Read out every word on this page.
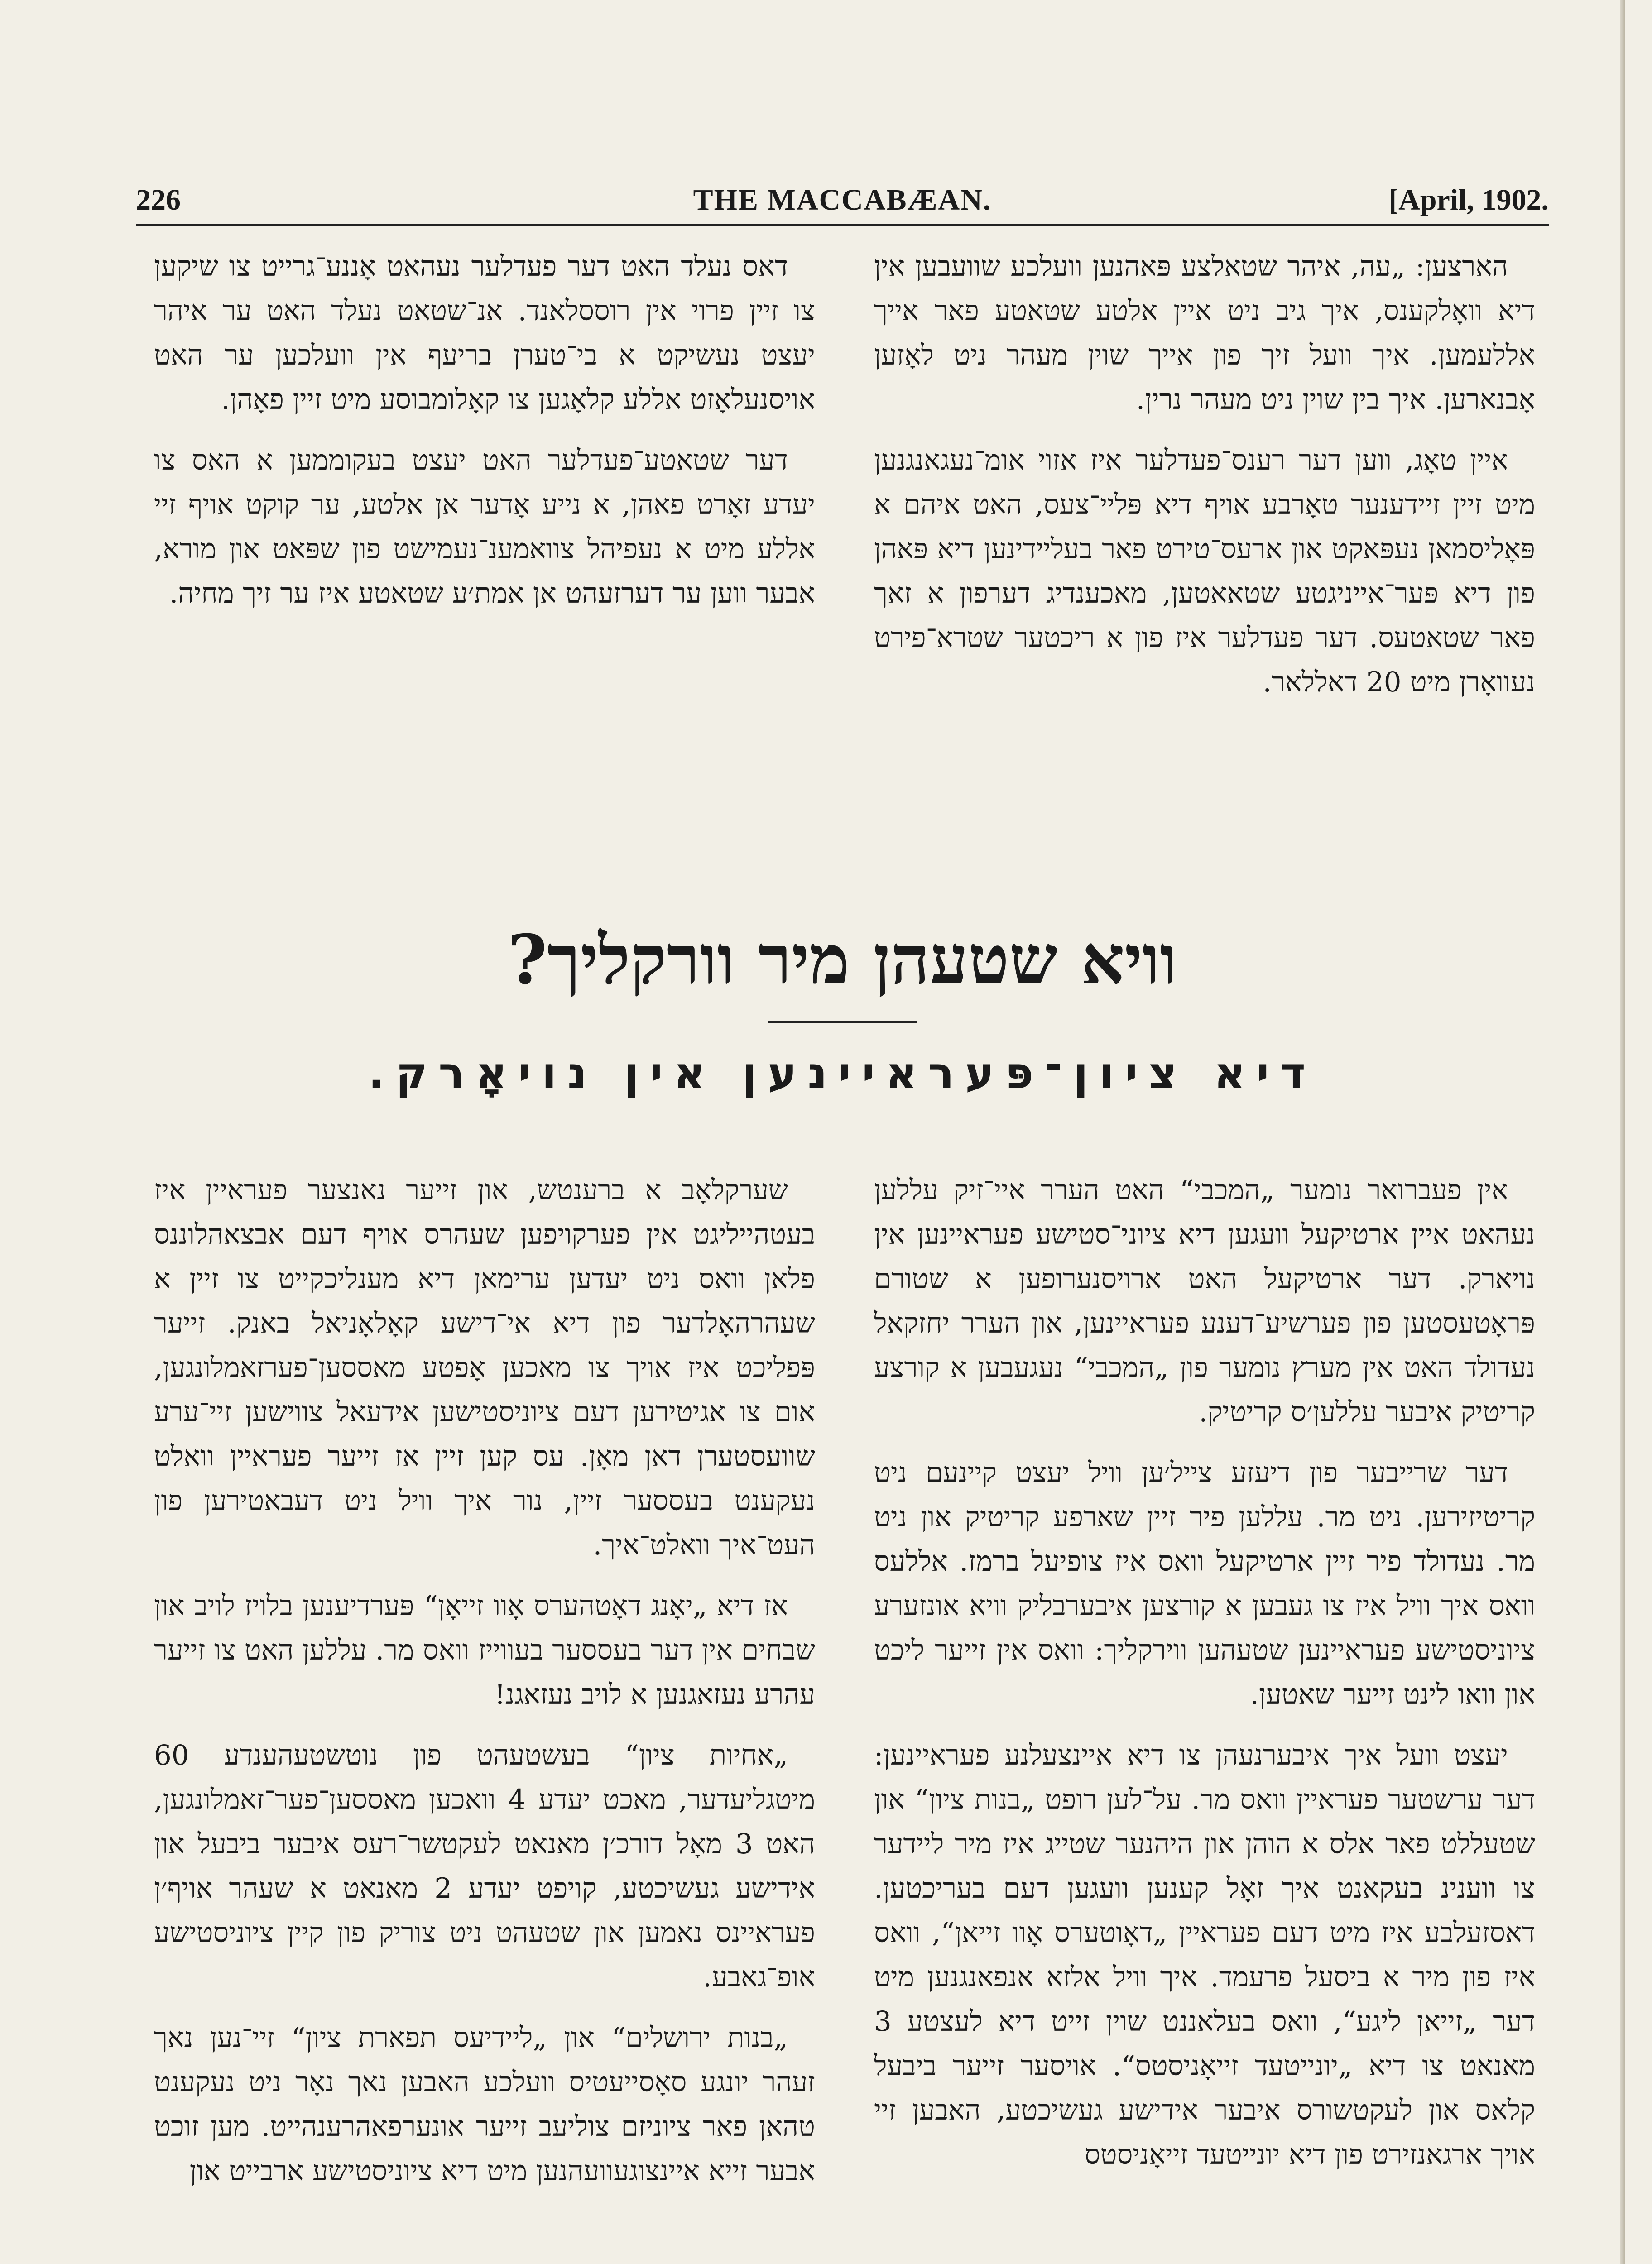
226	THE MACCABÆAN.	[April, 1902.

הארצען: „עה, איהר שטאלצע פּאהנען וועלכע שוועבען אין דיא וואָלקענס, איך גיב ניט איין אלטע שטאטע פאר אייך אללעמען. איך וועל זיך פון אייך שוין מעהר ניט לאָזען אָבנארען. איך בין שוין ניט מעהר נרין.

איין טאָג, ווען דער רענס־פעדלער איז אזוי אומ־נעגאנגנען מיט זיין זיידענער טאָרבע אויף דיא פּליי־צעס, האט איהם א פּאָליסמאן נעפּאקט און ארעס־טירט פאר בעליידינען דיא פּאהן פון דיא פּער־אייניגטע שטאאטען, מאכענדיג דערפון א זאך פאר שטאטעס. דער פעדלער איז פון א ריכטער שטרא־פירט נעוואָרן מיט 20 דאללאר.

דאס נעלד האט דער פעדלער נעהאט אָננע־גרייט צו שיקען צו זיין פרוי אין רוססלאנד. אנ־שטאט נעלד האט ער איהר יעצט נעשיקט א בי־טערן בריעף אין וועלכען ער האט אויסנעלאָזט אללע קלאָגען צו קאָלומבוסע מיט זיין פאָהן.

דער שטאטע־פעדלער האט יעצט בעקוממען א האס צו יעדע זאָרט פאהן, א נייע אָדער אן אלטע, ער קוקט אויף זיי אללע מיט א נעפיהל צוואמענ־נעמישט פון שפּאט און מורא, אבער ווען ער דערזעהט אן אמת׳ע שטאטע איז ער זיך מחיה.

וויא שטעהן מיר וורקליך?
דיא ציון־פּעראיינען אין נויאָרק.

אין פעברואר נומער „המכבי“ האט הערר איי־זיק עללען נעהאט איין ארטיקעל וועגען דיא ציוני־סטישע פעראיינען אין נויארק. דער ארטיקעל האט ארויסנערופען א שטורם פּראָטעסטען פון פערשיע־דענע פעראיינען, און הערר יחזקאל נעדולד האט אין מערץ נומער פון „המכבי“ נעגעבען א קורצע קריטיק איבער עללען׳ס קריטיק.

דער שרייבער פון דיעזע צייל׳ען וויל יעצט קיינעם ניט קריטיזירען. ניט מר. עללען פיר זיין שארפע קריטיק און ניט מר. נעדולד פיר זיין ארטיקעל וואס איז צופיעל ברמז. אללעס וואס איך וויל איז צו געבען א קורצען איבערבליק וויא אונזערע ציוניסטישע פעראיינען שטעהען ווירקליך: וואס אין זייער ליכט און וואו לינט זייער שאטען.

יעצט וועל איך איבערנעהן צו דיא איינצעלנע פעראיינען: דער ערשטער פעראיין וואס מר. על־לען רופט „בנות ציון“ און שטעללט פאר אלס א הוהן און היהנער שטייג איז מיר ליידער צו ווענינ בעקאנט איך זאָל קענען וועגען דעם בעריכטען. דאסזעלבע איז מיט דעם פעראיין „דאָוטערס אָוו זייאן“, וואס איז פון מיר א ביסעל פרעמד. איך וויל אלזא אנפאנגנען מיט דער „זייאן ליגע“, וואס בעלאננט שוין זייט דיא לעצטע 3 מאנאט צו דיא „יונייטעד זייאָניסטס“. אויסער זייער ביבעל קלאס און לעקטשורס איבער אידישע געשיכטע, האבען זיי אויך ארגאנזירט פון דיא יונייטעד זייאָניסטס

שערקלאָב א ברענטש, און זייער נאנצער פעראיין איז בעטהייליגט אין פערקויפען שעהרס אויף דעם אבצאהלוננס פלאן וואס ניט יעדען ערימאן דיא מענליכקייט צו זיין א שעהרהאָלדער פון דיא אי־דישע קאָלאָניאל באנק. זייער פּפליכט איז אויך צו מאכען אָפטע מאססען־פערזאמלונגען, אום צו אגיטירען דעם ציוניסטישען אידעאל צווישען זיי־ערע שוועסטערן דאן מאָן. עס קען זיין אז זייער פעראיין וואלט נעקענט בעססער זיין, נור איך וויל ניט דעבאטירען פון העט־איך וואלט־איך.

אז דיא „יאָנג דאָטהערס אָוו זייאָן“ פּערדיענען בלויז לויב און שבחים אין דער בעססער בעווייז וואס מר. עללען האט צו זייער עהרע נעזאגנען א לויב נעזאגנ!

„אחיות ציון“ בעשטעהט פון נוטשטעהענדע 60 מיטגליעדער, מאכט יעדע 4 וואכען מאססען־פער־זאמלונגען, האט 3 מאָל דורכ׳ן מאנאט לעקטשר־רעס איבער ביבעל און אידישע געשיכטע, קויפט יעדע 2 מאנאט א שעהר אויף׳ן פעראיינס נאמען און שטעהט ניט צוריק פון קיין ציוניסטישע אופ־גאבע.

„בנות ירושלים“ און „ליידיעס תפארת ציון“ זיי־נען נאך זעהר יונגע סאָסייעטיס וועלכע האבען נאך נאָר ניט נעקענט טהאן פאר ציוניזם צוליעב זייער אונערפאהרענהייט. מען זוכט אבער זייא איינצוגעוועהנען מיט דיא ציוניסטישע ארבייט און
